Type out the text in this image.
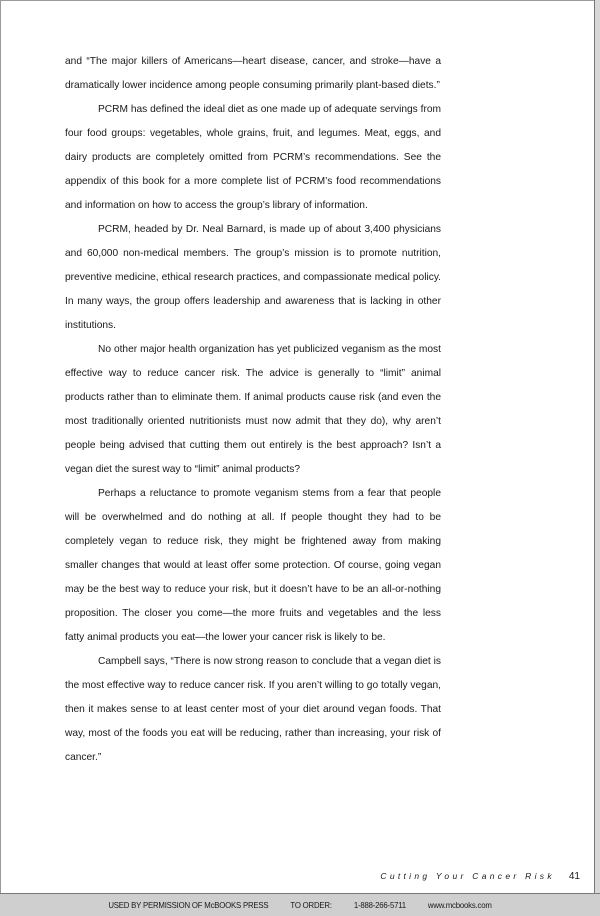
and “The major killers of Americans—heart disease, cancer, and stroke—have a dramatically lower incidence among people consuming primarily plant-based diets.”

PCRM has defined the ideal diet as one made up of adequate servings from four food groups: vegetables, whole grains, fruit, and legumes. Meat, eggs, and dairy products are completely omitted from PCRM’s recommendations. See the appendix of this book for a more complete list of PCRM’s food recommendations and information on how to access the group’s library of information.

PCRM, headed by Dr. Neal Barnard, is made up of about 3,400 physicians and 60,000 non-medical members. The group’s mission is to promote nutrition, preventive medicine, ethical research practices, and compassionate medical policy. In many ways, the group offers leadership and awareness that is lacking in other institutions.

No other major health organization has yet publicized veganism as the most effective way to reduce cancer risk. The advice is generally to “limit” animal products rather than to eliminate them. If animal products cause risk (and even the most traditionally oriented nutritionists must now admit that they do), why aren’t people being advised that cutting them out entirely is the best approach? Isn’t a vegan diet the surest way to “limit” animal products?

Perhaps a reluctance to promote veganism stems from a fear that people will be overwhelmed and do nothing at all. If people thought they had to be completely vegan to reduce risk, they might be frightened away from making smaller changes that would at least offer some protection. Of course, going vegan may be the best way to reduce your risk, but it doesn’t have to be an all-or-nothing proposition. The closer you come—the more fruits and vegetables and the less fatty animal products you eat—the lower your cancer risk is likely to be.

Campbell says, “There is now strong reason to conclude that a vegan diet is the most effective way to reduce cancer risk. If you aren’t willing to go totally vegan, then it makes sense to at least center most of your diet around vegan foods. That way, most of the foods you eat will be reducing, rather than increasing, your risk of cancer.”

Cutting Your Cancer Risk 41
USED BY PERMISSION OF McBOOKS PRESS	TO ORDER:	1-888-266-5711	www.mcbooks.com
